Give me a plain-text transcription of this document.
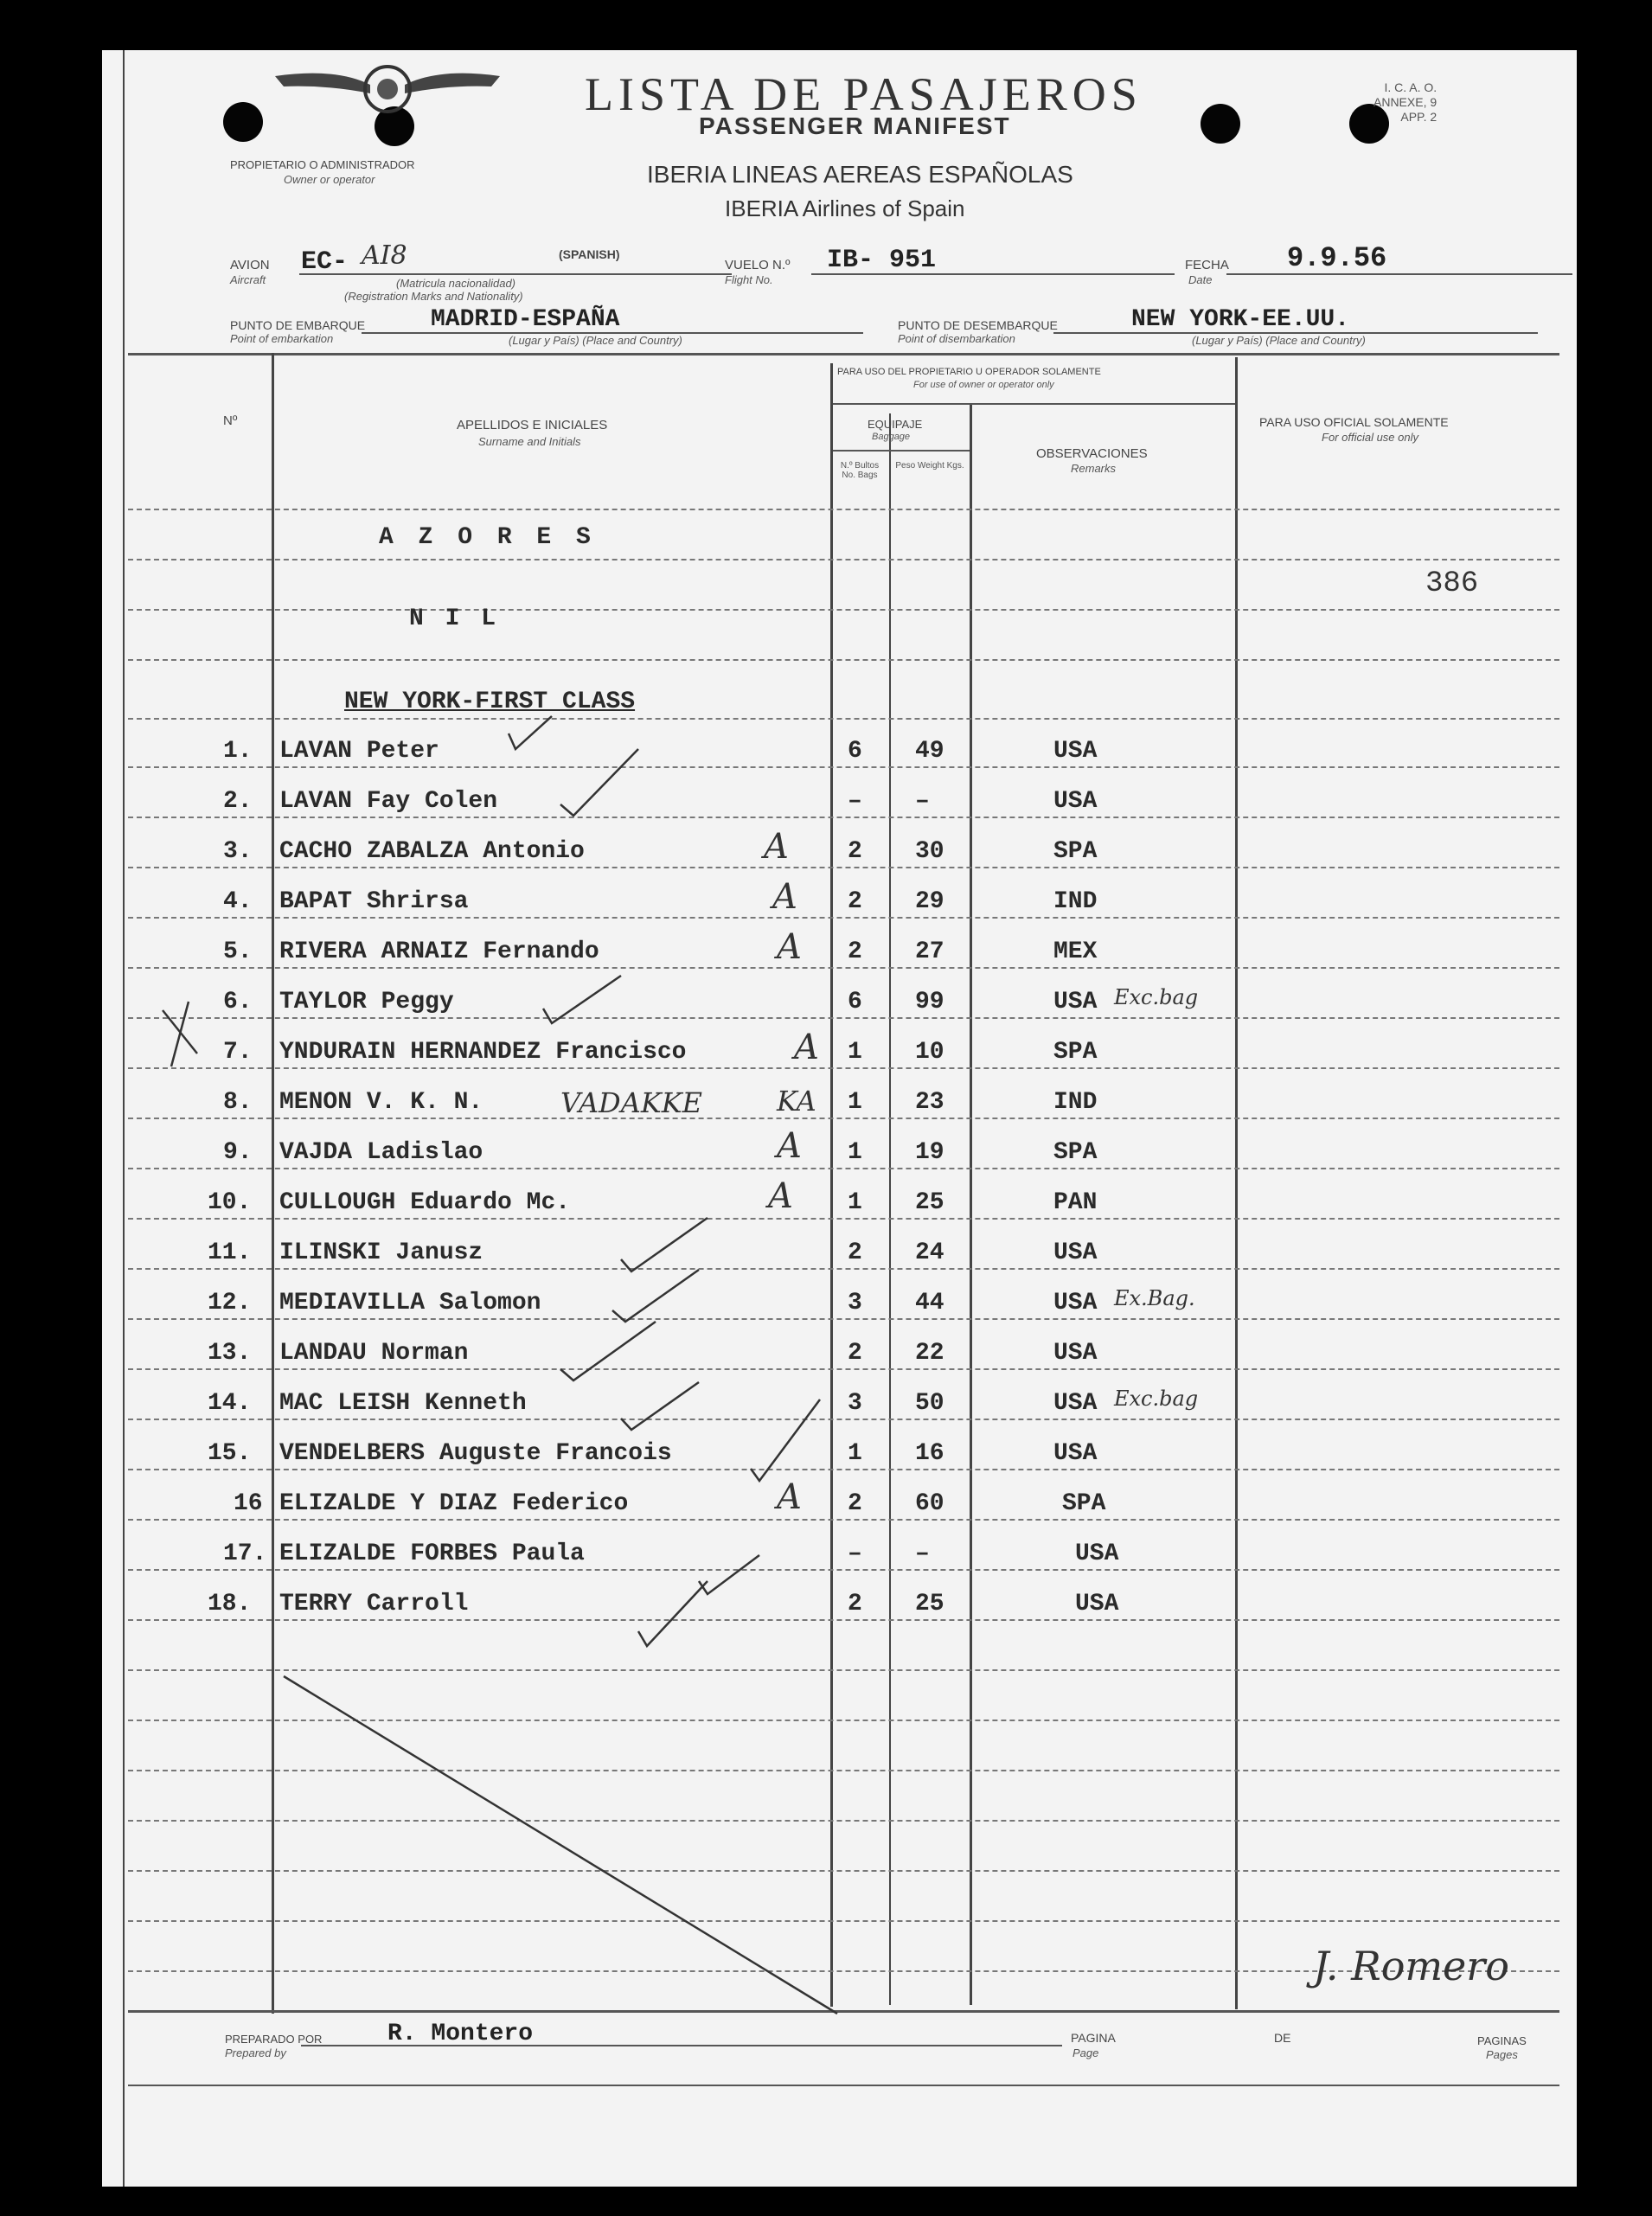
LISTA DE PASAJEROS
PASSENGER MANIFEST
I. C. A. O.
ANNEXE, 9
APP. 2
PROPIETARIO O ADMINISTRADOR
Owner or operator	IBERIA LINEAS AEREAS ESPAÑOLAS
IBERIA Airlines of Spain
AVION
Aircraft
EC- AI8	(SPANISH)
(Matricula nacionalidad)
(Registration Marks and Nationality)
VUELO N.º
Flight No.
IB- 951	FECHA
Date
9.9.56
PUNTO DE EMBARQUE
Point of embarkation
MADRID-ESPAÑA
(Lugar y País) (Place and Country)
PUNTO DE DESEMBARQUE
Point of disembarkation
NEW YORK-EE.UU.
(Lugar y País) (Place and Country)
Nº	APELLIDOS E INICIALES
Surname and Initials
PARA USO DEL PROPIETARIO U OPERADOR SOLAMENTE
For use of owner or operator only
EQUIPAJE
Baggage
N.º Bultos No. Bags
Peso Weight Kgs.
OBSERVACIONES
Remarks
PARA USO OFICIAL SOLAMENTE
For official use only
A Z O R E S
386
N I L
NEW YORK-FIRST CLASS
1. LAVAN Peter	6 49	USA
2. LAVAN Fay Colen	– –	USA
3. CACHO ZABALZA Antonio	2 30	SPA
4. BAPAT Shrirsa	2 29	IND
5. RIVERA ARNAIZ Fernando	2 27	MEX
6. TAYLOR Peggy	6 99	USA Exc.bag
7. YNDURAIN HERNANDEZ Francisco	1 10	SPA
8. MENON V. K. N.	1 23	IND
9. VAJDA Ladislao	1 19	SPA
10. CULLOUGH Eduardo Mc.	1 25	PAN
11. ILINSKI Janusz	2 24	USA
12. MEDIAVILLA Salomon	3 44	USA Ex.Bag.
13. LANDAU Norman	2 22	USA
14. MAC LEISH Kenneth	3 50	USA Exc.bag
15. VENDELBERS Auguste Francois	1 16	USA
16 ELIZALDE Y DIAZ Federico	2 60	SPA
17. ELIZALDE FORBES Paula	– –	USA
18. TERRY Carroll	2 25	USA
VADAKKE	KA
A
A
A
A
A
A
A
PREPARADO POR
Prepared by
R. Montero	PAGINA
Page
DE	PAGINAS
Pages
J. Romero
